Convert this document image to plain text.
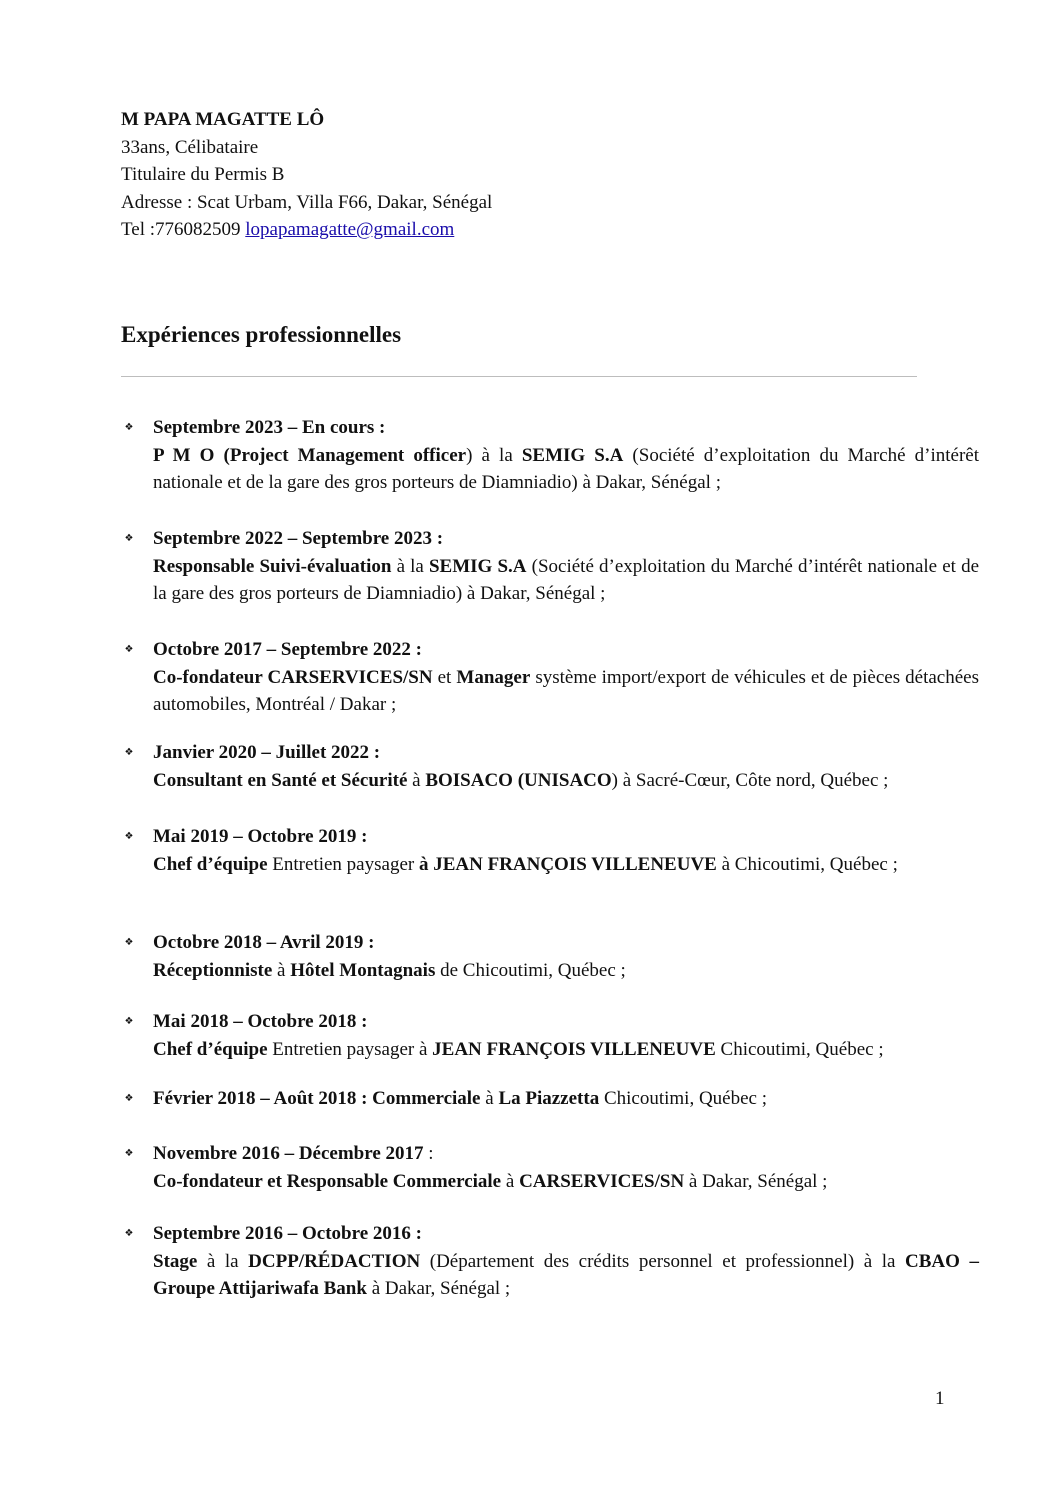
M PAPA MAGATTE LÔ
33ans, Célibataire
Titulaire du Permis B
Adresse : Scat Urbam, Villa F66, Dakar, Sénégal
Tel :776082509 lopapamagatte@gmail.com
Expériences professionnelles
❖ Septembre 2023 – En cours :
P M O (Project Management officer) à la SEMIG S.A (Société d’exploitation du Marché d’intérêt nationale et de la gare des gros porteurs de Diamniadio) à Dakar, Sénégal ;
❖ Septembre 2022 – Septembre 2023 :
Responsable Suivi-évaluation à la SEMIG S.A (Société d’exploitation du Marché d’intérêt nationale et de la gare des gros porteurs de Diamniadio) à Dakar, Sénégal ;
❖ Octobre 2017 – Septembre 2022 :
Co-fondateur CARSERVICES/SN et Manager système import/export de véhicules et de pièces détachées automobiles, Montréal / Dakar ;
❖ Janvier 2020 – Juillet 2022 :
Consultant en Santé et Sécurité à BOISACO (UNISACO) à Sacré-Cœur, Côte nord, Québec ;
❖ Mai 2019 – Octobre 2019 :
Chef d’équipe Entretien paysager à JEAN FRANÇOIS VILLENEUVE à Chicoutimi, Québec ;
❖ Octobre 2018 – Avril 2019 :
Réceptionniste à Hôtel Montagnais de Chicoutimi, Québec ;
❖ Mai 2018 – Octobre 2018 :
Chef d’équipe Entretien paysager à JEAN FRANÇOIS VILLENEUVE Chicoutimi, Québec ;
❖ Février 2018 – Août 2018 : Commerciale à La Piazzetta Chicoutimi, Québec ;
❖ Novembre 2016 – Décembre 2017 :
Co-fondateur et Responsable Commerciale à CARSERVICES/SN à Dakar, Sénégal ;
❖ Septembre 2016 – Octobre 2016 :
Stage à la DCPP/RÉDACTION (Département des crédits personnel et professionnel) à la CBAO – Groupe Attijariwafa Bank à Dakar, Sénégal ;
1
